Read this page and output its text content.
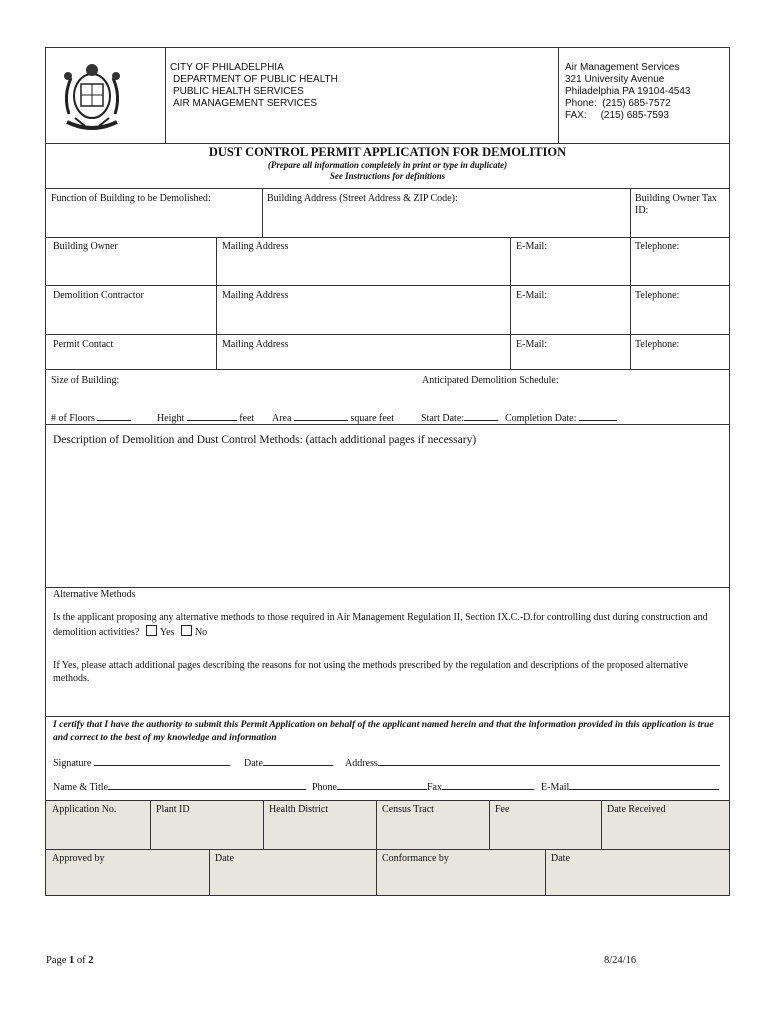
CITY OF PHILADELPHIA
DEPARTMENT OF PUBLIC HEALTH
PUBLIC HEALTH SERVICES
AIR MANAGEMENT SERVICES
Air Management Services
321 University Avenue
Philadelphia PA 19104-4543
Phone:  (215) 685-7572
FAX:     (215) 685-7593
DUST CONTROL PERMIT APPLICATION FOR DEMOLITION
(Prepare all information completely in print or type in duplicate)
See Instructions for definitions
Function of Building to be Demolished:	Building Address (Street Address & ZIP Code):	Building Owner Tax ID:
Building Owner	Mailing Address	E-Mail:	Telephone:
Demolition Contractor	Mailing Address	E-Mail:	Telephone:
Permit Contact	Mailing Address	E-Mail:	Telephone:
Size of Building:	Anticipated Demolition Schedule:
# of Floors	Height	feet Area	square feet	Start Date:	Completion Date:
Description of Demolition and Dust Control Methods: (attach additional pages if necessary)
Alternative Methods
Is the applicant proposing any alternative methods to those required in Air Management Regulation II, Section IX.C.-D.for controlling dust during construction and demolition activities? Yes No
If Yes, please attach additional pages describing the reasons for not using the methods prescribed by the regulation and descriptions of the proposed alternative methods.
I certify that I have the authority to submit this Permit Application on behalf of the applicant named herein and that the information provided in this application is true and correct to the best of my knowledge and information
Signature	Date	Address
Name & Title	Phone	Fax	E-Mail
Application No.	Plant ID	Health District	Census Tract	Fee	Date Received
Approved by	Date	Conformance by	Date
Page 1 of 2	8/24/16
